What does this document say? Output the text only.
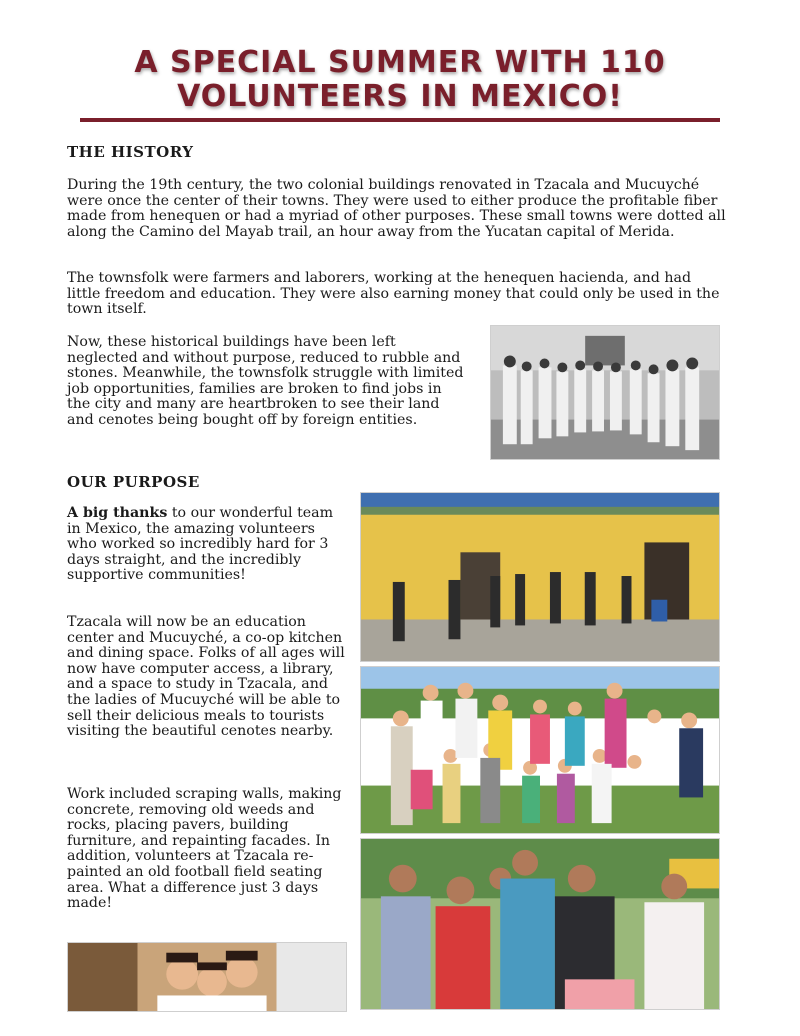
A SPECIAL SUMMER WITH 110
VOLUNTEERS IN MEXICO!
THE HISTORY

During the 19th century, the two colonial buildings renovated in Tzacala and Mucuyché were once the center of their towns. They were used to either produce the profitable fiber made from henequen or had a myriad of other purposes. These small towns were dotted all along the Camino del Mayab trail, an hour away from the Yucatan capital of Merida.

The townsfolk were farmers and laborers, working at the henequen hacienda, and had little freedom and education. They were also earning money that could only be used in the town itself.

Now, these historical buildings have been left neglected and without purpose, reduced to rubble and stones. Meanwhile, the townsfolk struggle with limited job opportunities, families are broken to find jobs in the city and many are heartbroken to see their land and cenotes being bought off by foreign entities.

OUR PURPOSE

A big thanks to our wonderful team in Mexico, the amazing volunteers who worked so incredibly hard for 3 days straight, and the incredibly supportive communities!

Tzacala will now be an education center and Mucuyché, a co-op kitchen and dining space. Folks of all ages will now have computer access, a library, and a space to study in Tzacala, and the ladies of Mucuyché will be able to sell their delicious meals to tourists visiting the beautiful cenotes nearby.

Work included scraping walls, making concrete, removing old weeds and rocks, placing pavers, building furniture, and repainting facades. In addition, volunteers at Tzacala re-painted an old football field seating area. What a difference just 3 days made!
